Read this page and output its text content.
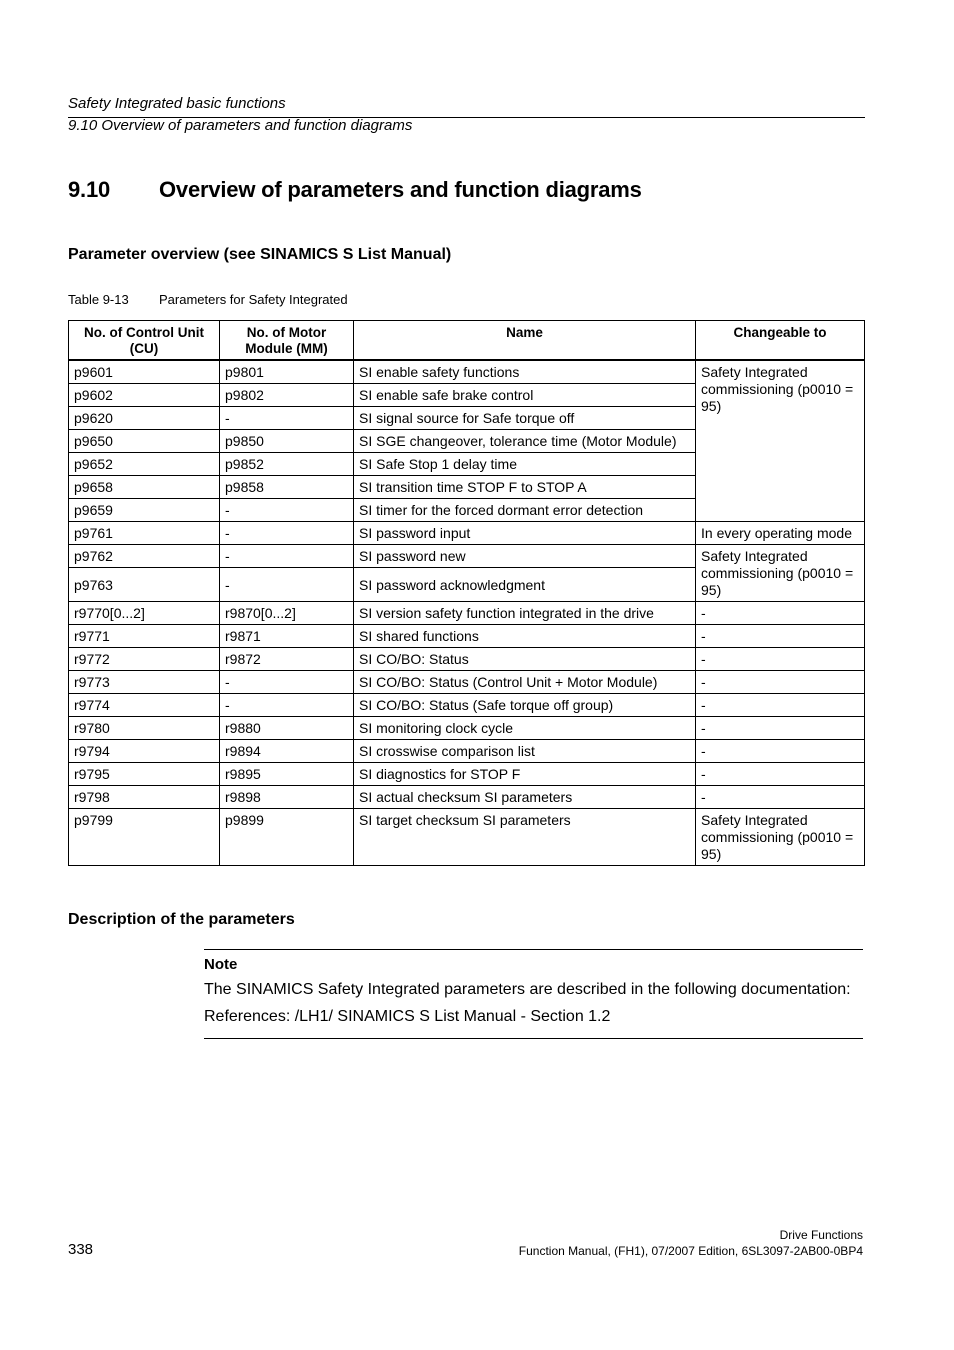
Safety Integrated basic functions
9.10 Overview of parameters and function diagrams
9.10 Overview of parameters and function diagrams
Parameter overview (see SINAMICS S List Manual)
Table 9-13 Parameters for Safety Integrated
No. of Control Unit (CU)	No. of Motor Module (MM)	Name	Changeable to
p9601	p9801	SI enable safety functions	Safety Integrated commissioning (p0010 = 95)
p9602	p9802	SI enable safe brake control	
p9620	-	SI signal source for Safe torque off	
p9650	p9850	SI SGE changeover, tolerance time (Motor Module)	
p9652	p9852	SI Safe Stop 1 delay time	
p9658	p9858	SI transition time STOP F to STOP A	
p9659	-	SI timer for the forced dormant error detection	
p9761	-	SI password input	In every operating mode
p9762	-	SI password new	Safety Integrated commissioning (p0010 = 95)
p9763	-	SI password acknowledgment	
r9770[0...2]	r9870[0...2]	SI version safety function integrated in the drive	-
r9771	r9871	SI shared functions	-
r9772	r9872	SI CO/BO: Status	-
r9773	-	SI CO/BO: Status (Control Unit + Motor Module)	-
r9774	-	SI CO/BO: Status (Safe torque off group)	-
r9780	r9880	SI monitoring clock cycle	-
r9794	r9894	SI crosswise comparison list	-
r9795	r9895	SI diagnostics for STOP F	-
r9798	r9898	SI actual checksum SI parameters	-
p9799	p9899	SI target checksum SI parameters	Safety Integrated commissioning (p0010 = 95)
Description of the parameters
Note

The SINAMICS Safety Integrated parameters are described in the following documentation:

References: /LH1/ SINAMICS S List Manual - Section 1.2

338
Drive Functions
Function Manual, (FH1), 07/2007 Edition, 6SL3097-2AB00-0BP4
